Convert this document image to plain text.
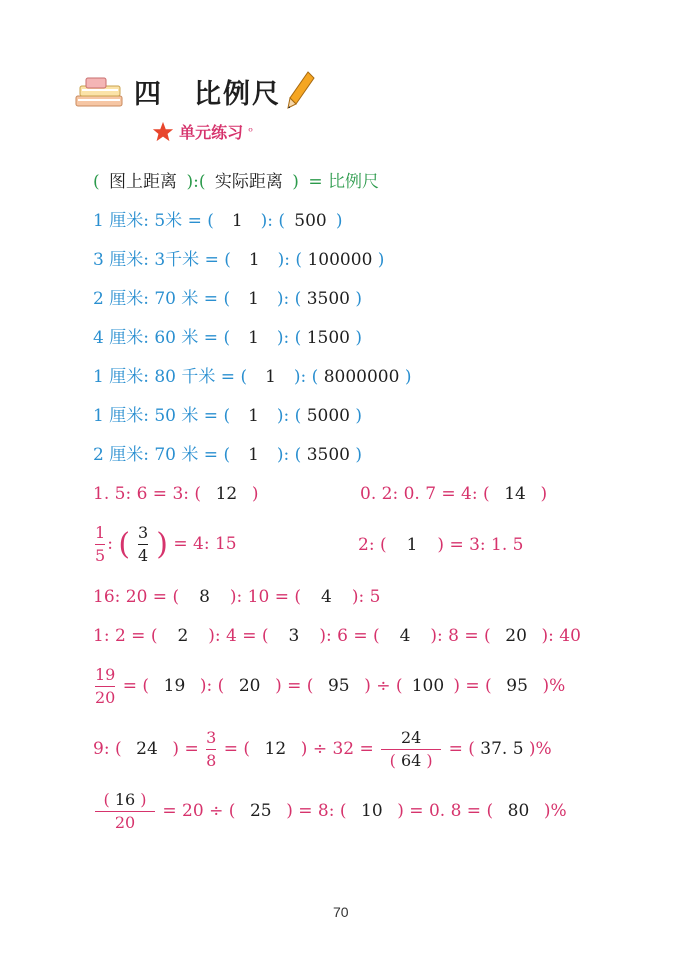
四 比例尺
单元练习 ᵒ
( 图上距离 ):( 实际距离 ) = 比例尺
1 厘米: 5米 = ( 1 ): ( 500 )
3 厘米: 3千米 = ( 1 ): ( 100000 )
2 厘米: 70 米 = ( 1 ): ( 3500 )
4 厘米: 60 米 = ( 1 ): ( 1500 )
1 厘米: 80 千米 = ( 1 ): ( 8000000 )
1 厘米: 50 米 = ( 1 ): ( 5000 )
2 厘米: 70 米 = ( 1 ): ( 3500 )
1. 5: 6 = 3: ( 12 )	0. 2: 0. 7 = 4: ( 14 )
$\frac{1}{5}$ : ( $\frac{3}{4}$ ) = 4: 15	2: ( 1 ) = 3: 1. 5
16: 20 = ( 8 ): 10 = ( 4 ): 5
1: 2 = ( 2 ): 4 = ( 3 ): 6 = ( 4 ): 8 = ( 20 ): 40
$\frac{19}{20}$ = ( 19 ): ( 20 ) = ( 95 ) ÷ ( 100 ) = ( 95 )%
9: ( 24 ) = $\frac{3}{8}$ = ( 12 ) ÷ $32 = \frac{24}{( 64 )}$ = ( 37. 5 )%
$\frac{( 16 )}{20} = 20$ ÷ ( 25 ) = 8: ( 10 ) = 0. 8 = ( 80 )%
70
